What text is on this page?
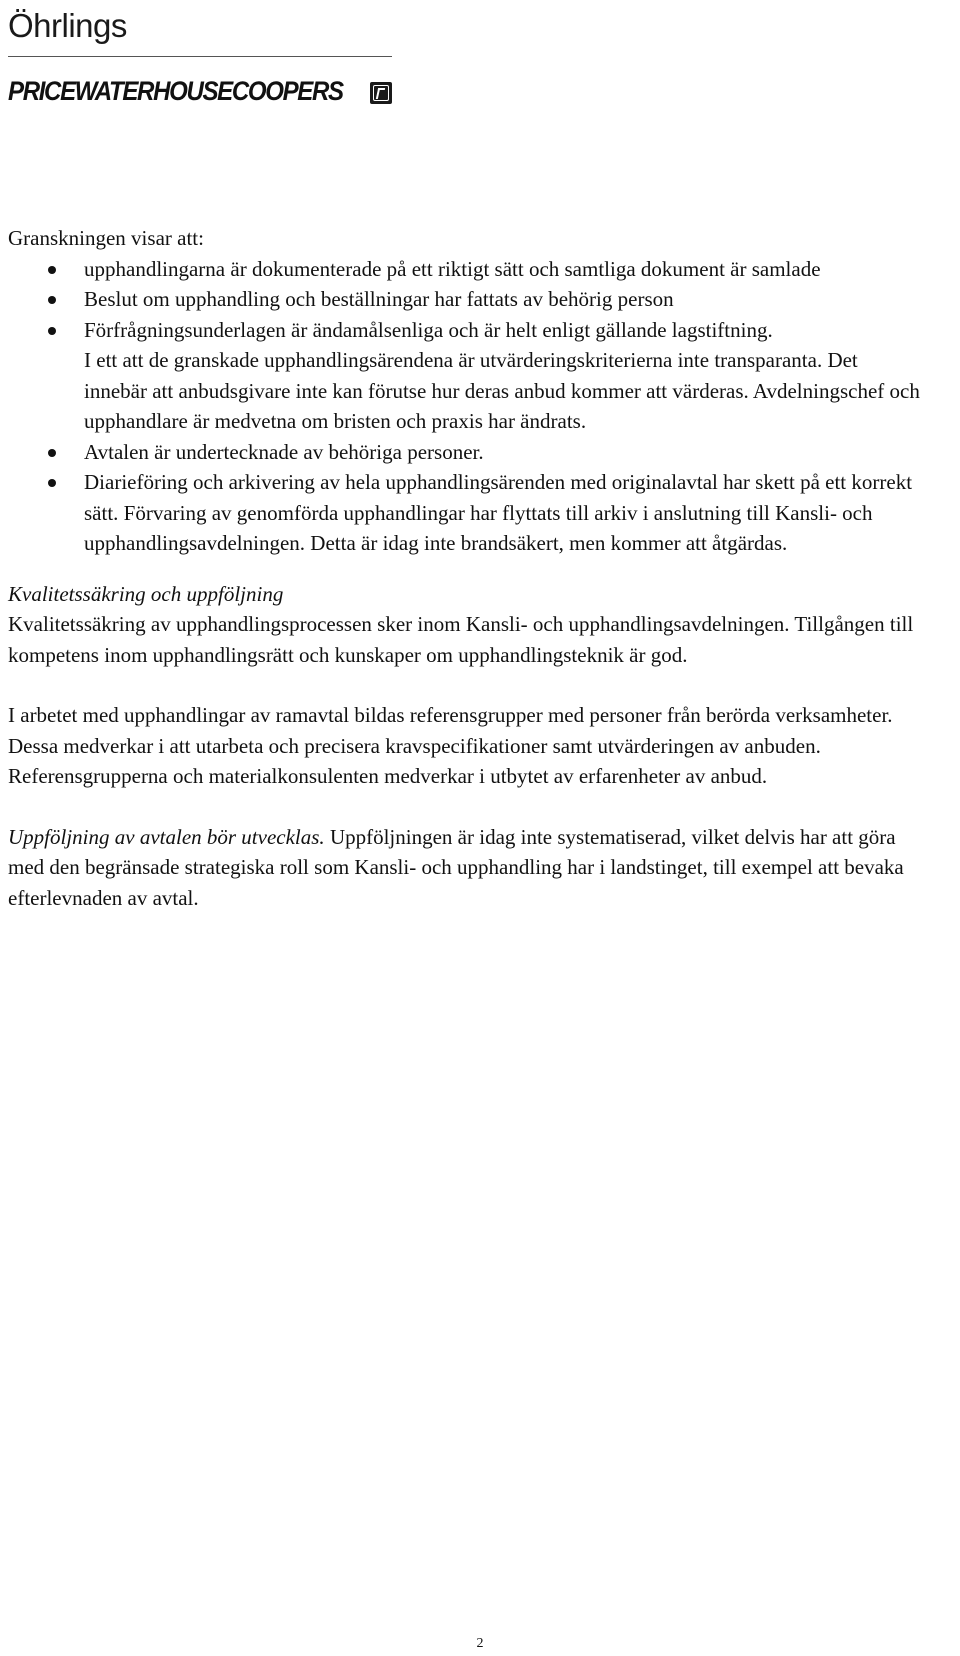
Öhrlings
PRICEWATERHOUSECOOPERS

Granskningen visar att:

upphandlingarna är dokumenterade på ett riktigt sätt och samtliga dokument är samlade
Beslut om upphandling och beställningar har fattats av behörig person
Förfrågningsunderlagen är ändamålsenliga och är helt enligt gällande lagstiftning.
I ett att de granskade upphandlingsärendena är utvärderingskriterierna inte transparanta. Det innebär att anbudsgivare inte kan förutse hur deras anbud kommer att värderas. Avdelningschef och upphandlare är medvetna om bristen och praxis har ändrats.
Avtalen är undertecknade av behöriga personer.
Diarieföring och arkivering av hela upphandlingsärenden med originalavtal har skett på ett korrekt sätt. Förvaring av genomförda upphandlingar har flyttats till arkiv i anslutning till Kansli- och upphandlingsavdelningen. Detta är idag inte brandsäkert, men kommer att åtgärdas.

Kvalitetssäkring och uppföljning

Kvalitetssäkring av upphandlingsprocessen sker inom Kansli- och upphandlingsavdelningen. Tillgången till kompetens inom upphandlingsrätt och kunskaper om upphandlingsteknik är god.

I arbetet med upphandlingar av ramavtal bildas referensgrupper med personer från berörda verksamheter. Dessa medverkar i att utarbeta och precisera kravspecifikationer samt utvärderingen av anbuden. Referensgrupperna och materialkonsulenten medverkar i utbytet av erfarenheter av anbud.

Uppföljning av avtalen bör utvecklas. Uppföljningen är idag inte systematiserad, vilket delvis har att göra med den begränsade strategiska roll som Kansli- och upphandling har i landstinget, till exempel att bevaka efterlevnaden av avtal.

2
